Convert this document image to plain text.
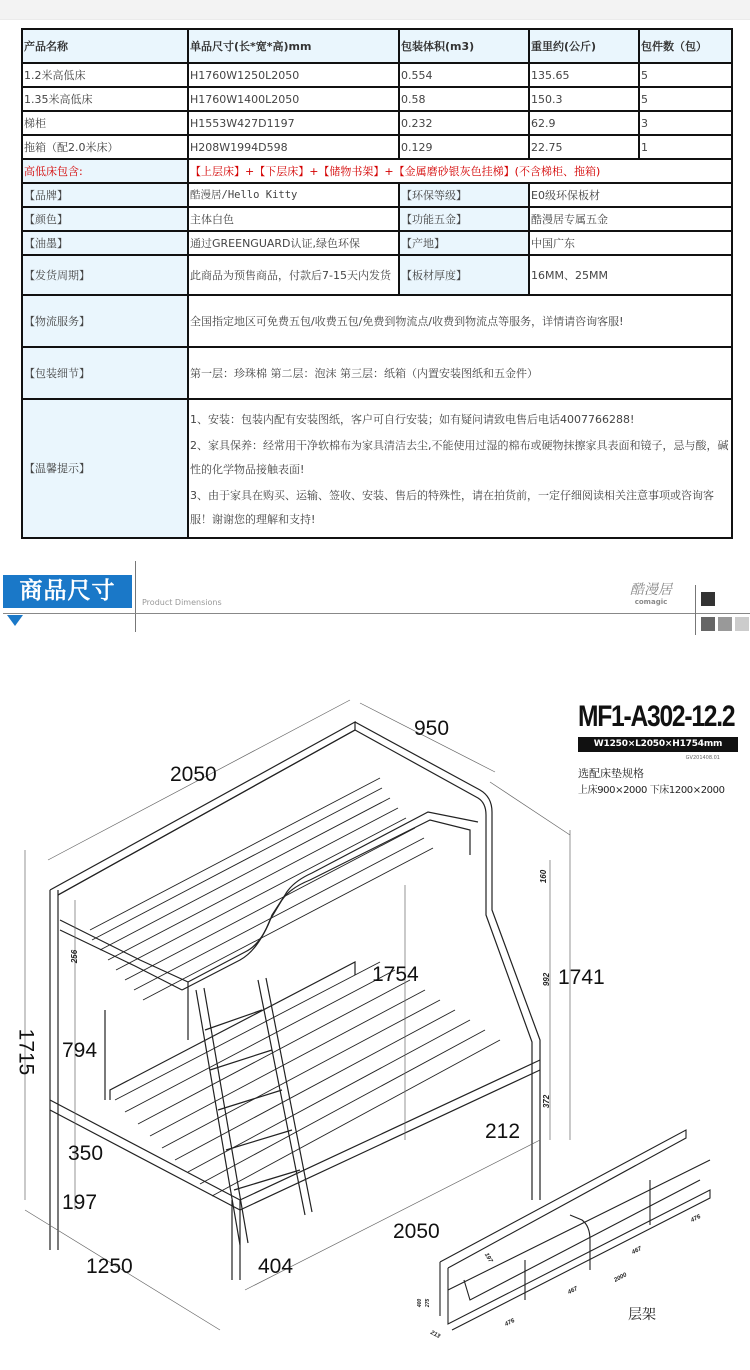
产品名称	单品尺寸(长*宽*高)mm	包装体积(m3)	重里约(公斤)	包件数（包）
1.2米高低床	H1760W1250L2050	0.554	135.65	5
1.35米高低床	H1760W1400L2050	0.58	150.3	5
梯柜	H1553W427D1197	0.232	62.9	3
拖箱（配2.0米床）	H208W1994D598	0.129	22.75	1
高低床包含:	【上层床】+【下层床】+【储物书架】+【金属磨砂银灰色挂梯】(不含梯柜、拖箱)			
【品牌】	酷漫居/Hello Kitty	【环保等级】	E0级环保板材	
【颜色】	主体白色	【功能五金】	酷漫居专属五金	
【油墨】	通过GREENGUARD认证,绿色环保	【产地】	中国广东	
【发货周期】	此商品为预售商品，付款后7-15天内发货	【板材厚度】	16MM、25MM	
【物流服务】	全国指定地区可免费五包/收费五包/免费到物流点/收费到物流点等服务，详情请咨询客服!			
【包装细节】	第一层：珍珠棉 第二层：泡沫 第三层：纸箱（内置安装图纸和五金件）			
【温馨提示】	1、安装：包装内配有安装图纸，客户可自行安装；如有疑问请致电售后电话4007766288!
2、家具保养：经常用干净软棉布为家具清洁去尘,不能使用过湿的棉布或硬物抹擦家具表面和镜子，忌与酸，碱性的化学物品接触表面!
3、由于家具在购买、运输、签收、安装、售后的特殊性，请在拍货前，一定仔细阅读相关注意事项或咨询客服！谢谢您的理解和支持!			
商品尺寸	Product Dimensions
酷漫居
comagic
MF1-A302-12.2
W1250×L2050×H1754mm
GV201408.01
选配床垫规格
上床900×2000 下床1200×2000
2050
950
1741
1754
1715 794
350
197
1250	404
2050
212
256
160
992
372
197
476
467
2000
467
476
400 275
213
层架
